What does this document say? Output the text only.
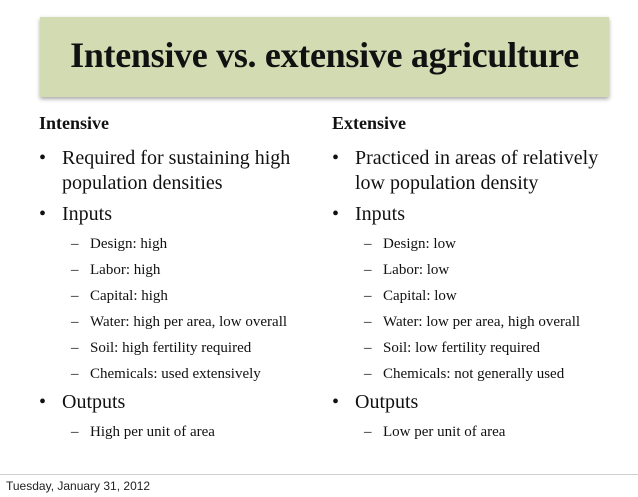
Intensive vs. extensive agriculture

Intensive

• Required for sustaining high population densities
• Inputs
– Design: high
– Labor: high
– Capital: high
– Water: high per area, low overall
– Soil: high fertility required
– Chemicals: used extensively
• Outputs
– High per unit of area

Extensive

• Practiced in areas of relatively low population density
• Inputs
– Design: low
– Labor: low
– Capital: low
– Water: low per area, high overall
– Soil: low fertility required
– Chemicals: not generally used
• Outputs
– Low per unit of area
Tuesday, January 31, 2012
